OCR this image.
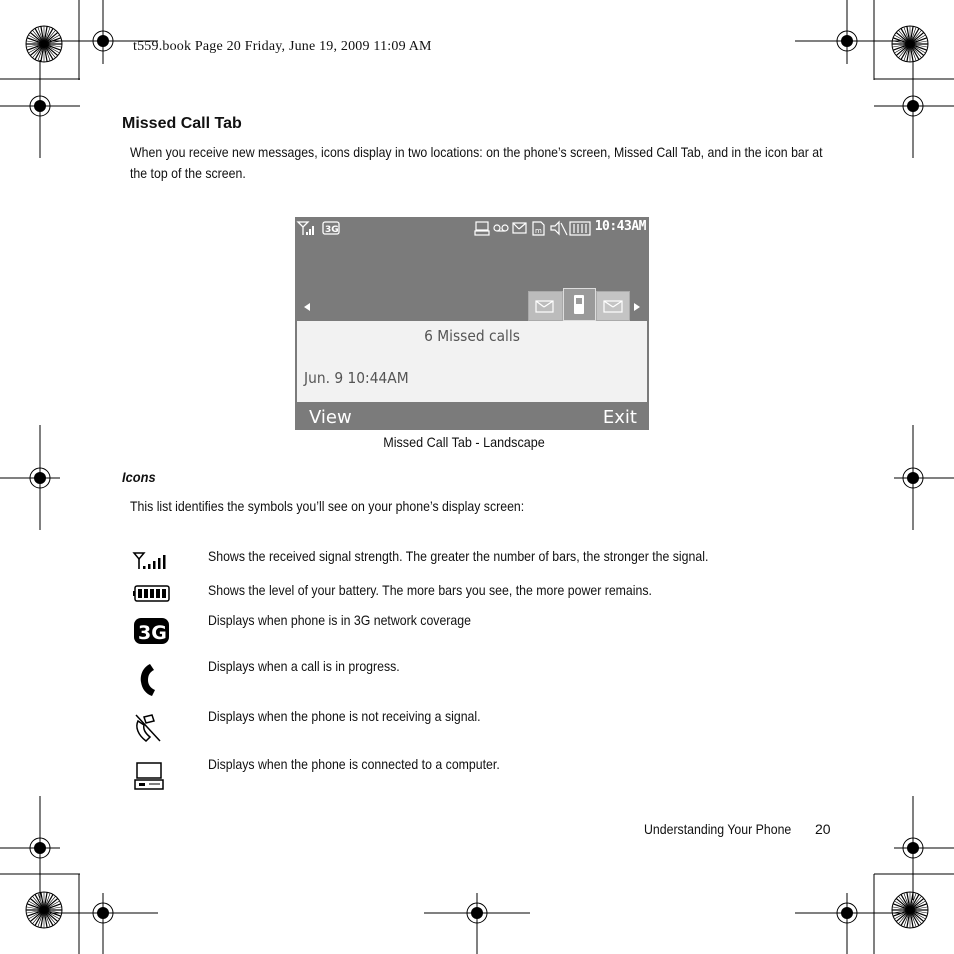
t559.book Page 20 Friday, June 19, 2009 11:09 AM
Missed Call Tab
When you receive new messages, icons display in two locations: on the phone’s screen, Missed Call Tab, and in the icon bar at the top of the screen.
3G	m	10:43AM
6 Missed calls
Jun. 9 10:44AM
View	Exit
Missed Call Tab - Landscape
Icons
This list identifies the symbols you’ll see on your phone’s display screen:
Shows the received signal strength. The greater the number of bars, the stronger the signal.
Shows the level of your battery. The more bars you see, the more power remains.
3G
Displays when phone is in 3G network coverage
Displays when a call is in progress.
Displays when the phone is not receiving a signal.
Displays when the phone is connected to a computer.
Understanding Your Phone 20
